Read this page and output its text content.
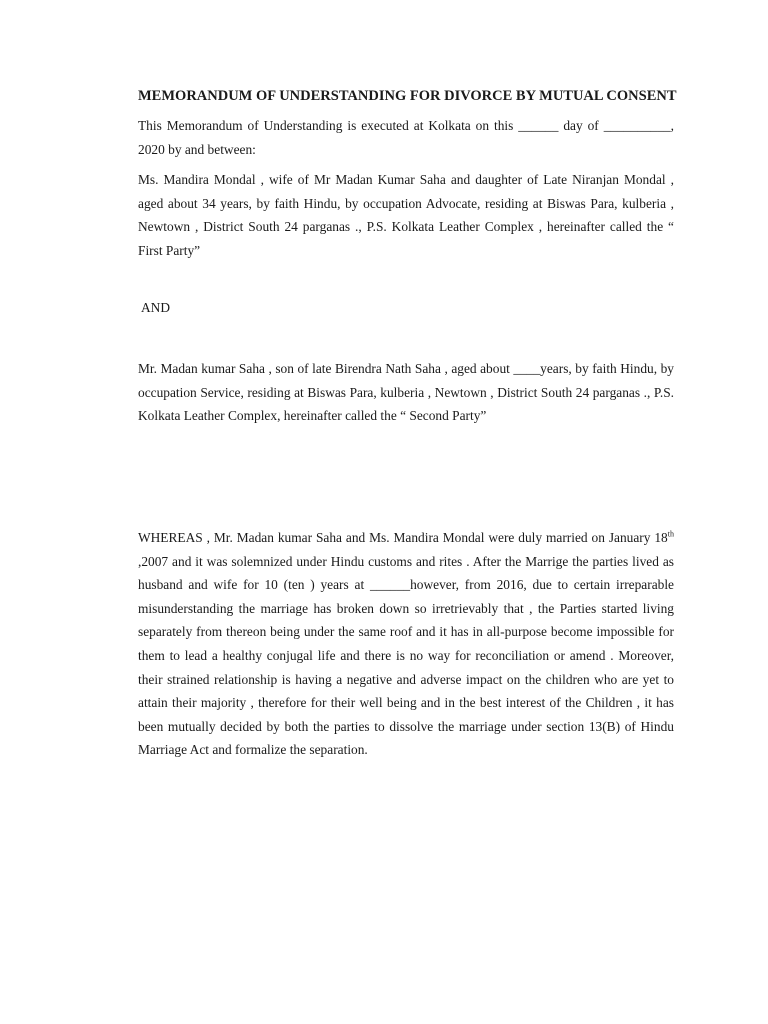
MEMORANDUM OF UNDERSTANDING FOR DIVORCE BY MUTUAL CONSENT

This Memorandum of Understanding is executed at Kolkata on this ______ day of __________, 2020 by and between:

Ms. Mandira Mondal , wife of Mr Madan Kumar Saha and daughter of Late Niranjan Mondal , aged about 34 years, by faith Hindu, by occupation Advocate, residing at Biswas Para, kulberia , Newtown , District South 24 parganas ., P.S. Kolkata Leather Complex , hereinafter called the “ First Party”

AND

Mr. Madan kumar Saha , son of late Birendra Nath Saha , aged about ____years, by faith Hindu, by occupation Service, residing at Biswas Para, kulberia , Newtown , District South 24 parganas ., P.S. Kolkata Leather Complex, hereinafter called the “ Second Party”

WHEREAS , Mr. Madan kumar Saha and Ms. Mandira Mondal were duly married on January 18th ,2007 and it was solemnized under Hindu customs and rites . After the Marrige the parties lived as husband and wife for 10 (ten ) years at ______however, from 2016, due to certain irreparable misunderstanding the marriage has broken down so irretrievably that , the Parties started living separately from thereon being under the same roof and it has in all-purpose become impossible for them to lead a healthy conjugal life and there is no way for reconciliation or amend . Moreover, their strained relationship is having a negative and adverse impact on the children who are yet to attain their majority , therefore for their well being and in the best interest of the Children , it has been mutually decided by both the parties to dissolve the marriage under section 13(B) of Hindu Marriage Act and formalize the separation.
